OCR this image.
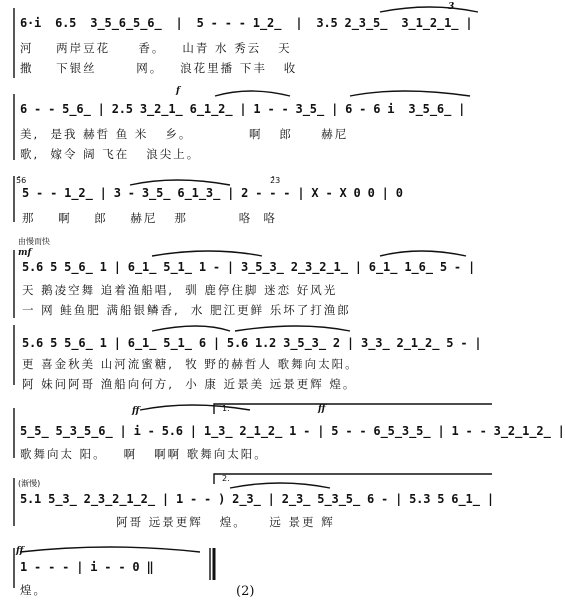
6·i  6.5  3̲5̲6̲5̲6̲  |  5 - - - 1̲2̲  |  3.5 2̲3̲5̲  3̲1̲2̲1̲ |
3
河    两岸豆花     香。   山青 水 秀云   天
撒    下银丝       网。   浪花里播 下丰   收
f
6 - - 5̲6̲ | 2.5 3̲2̲1̲ 6̲1̲2̲ | 1 - - 3̲5̲ | 6 - 6 i  3̲5̲6̲ |
美,  是我 赫哲 鱼 米   乡。          啊   郎     赫尼
歌,  嫁令 阔 飞在   浪尖上。
5̊6	2̊3
5 - - 1̲2̲ | 3 - 3̲5̲ 6̲1̲3̲ | 2 - - - | X - X 0 0 | 0
那    啊    郎    赫尼   那         咯  咯
由慢而快
mf
5.6 5 5̲6̲ 1 | 6̲1̲ 5̲1̲ 1 - | 3̲5̲3̲ 2̲3̲2̲1̲ | 6̲1̲ 1̲6̲ 5 - |
天 鹅凌空舞 追着渔船唱,  驯 鹿停住脚 迷恋 好风光
一 网 鲑鱼肥 满船银鳞香,  水 肥江更鲜 乐坏了打渔郎
5.6 5 5̲6̲ 1 | 6̲1̲ 5̲1̲ 6 | 5.6 1.2 3̲5̲3̲ 2 | 3̲3̲ 2̲1̲2̲ 5 - |
更 喜金秋美 山河流蜜糖,  牧 野的赫哲人 歌舞向太阳。
阿 妹问阿哥 渔船向何方,  小 康 近景美 远景更辉 煌。
ff	1.	ff
5̲5̲ 5̲3̲5̲6̲ | i - 5.6 | 1̲3̲ 2̲1̲2̲ 1 - | 5 - - 6̲5̲3̲5̲ | 1 - - 3̲2̲1̲2̲ |
歌舞向太 阳。   啊   啊啊 歌舞向太阳。
(渐慢)
2.
5.1 5̲3̲ 2̲3̲2̲1̲2̲ | 1 - - ) 2̲3̲ | 2̲3̲ 5̲3̲5̲ 6 - | 5.3 5 6̲1̲ |
阿哥 远景更辉   煌。    远 景更 辉
ff
1 - - - | i - - 0 ‖
煌。	(2)
